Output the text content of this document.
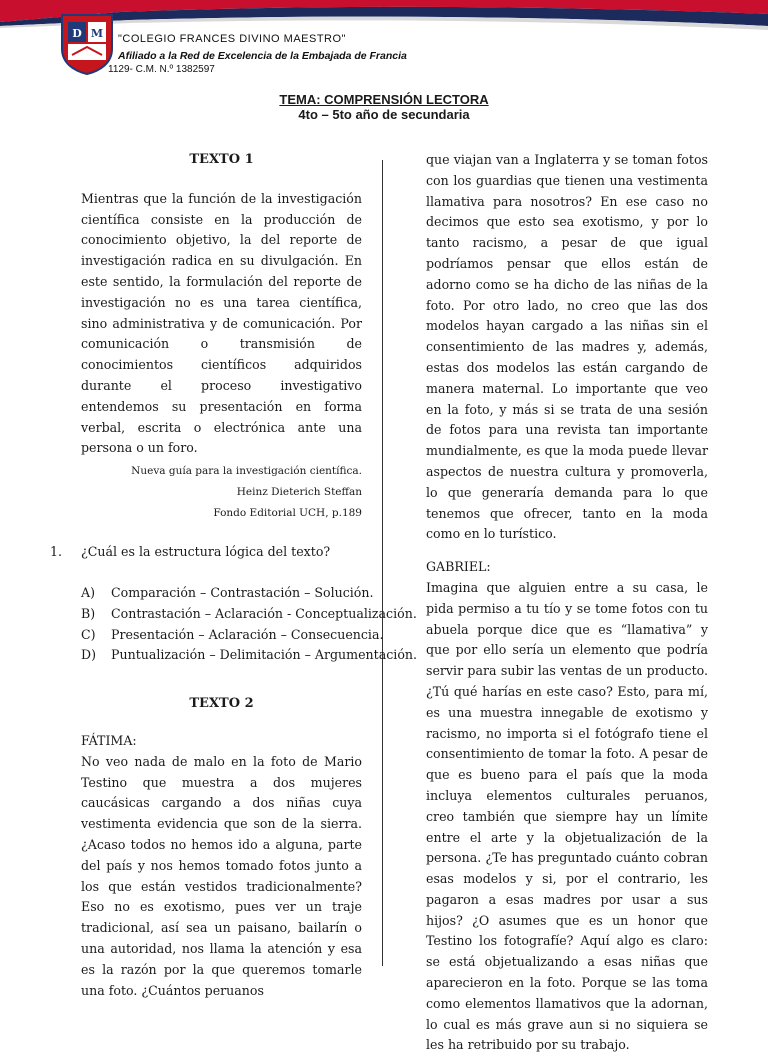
D M "COLEGIO FRANCES DIVINO MAESTRO"
Afiliado a la Red de Excelencia de la Embajada de Francia
1129- C.M. N.º 1382597
TEMA: COMPRENSIÓN LECTORA
4to – 5to año de secundaria
TEXTO 1

Mientras que la función de la investigación científica consiste en la producción de conocimiento objetivo, la del reporte de investigación radica en su divulgación. En este sentido, la formulación del reporte de investigación no es una tarea científica, sino administrativa y de comunicación. Por comunicación o transmisión de conocimientos científicos adquiridos durante el proceso investigativo entendemos su presentación en forma verbal, escrita o electrónica ante una persona o un foro.

Nueva guía para la investigación científica.
Heinz Dieterich Steffan
Fondo Editorial UCH, p.189
1. ¿Cuál es la estructura lógica del texto?
A) Comparación – Contrastación – Solución.
B) Contrastación – Aclaración - Conceptualización.
C) Presentación – Aclaración – Consecuencia.
D) Puntualización – Delimitación – Argumentación.
TEXTO 2

FÁTIMA:

No veo nada de malo en la foto de Mario Testino que muestra a dos mujeres caucásicas cargando a dos niñas cuya vestimenta evidencia que son de la sierra. ¿Acaso todos no hemos ido a alguna, parte del país y nos hemos tomado fotos junto a los que están vestidos tradicionalmente? Eso no es exotismo, pues ver un traje tradicional, así sea un paisano, bailarín o una autoridad, nos llama la atención y esa es la razón por la que queremos tomarle una foto. ¿Cuántos peruanos

que viajan van a Inglaterra y se toman fotos con los guardias que tienen una vestimenta llamativa para nosotros? En ese caso no decimos que esto sea exotismo, y por lo tanto racismo, a pesar de que igual podríamos pensar que ellos están de adorno como se ha dicho de las niñas de la foto. Por otro lado, no creo que las dos modelos hayan cargado a las niñas sin el consentimiento de las madres y, además, estas dos modelos las están cargando de manera maternal. Lo importante que veo en la foto, y más si se trata de una sesión de fotos para una revista tan importante mundialmente, es que la moda puede llevar aspectos de nuestra cultura y promoverla, lo que generaría demanda para lo que tenemos que ofrecer, tanto en la moda como en lo turístico.

GABRIEL:

Imagina que alguien entre a su casa, le pida permiso a tu tío y se tome fotos con tu abuela porque dice que es “llamativa” y que por ello sería un elemento que podría servir para subir las ventas de un producto. ¿Tú qué harías en este caso? Esto, para mí, es una muestra innegable de exotismo y racismo, no importa si el fotógrafo tiene el consentimiento de tomar la foto. A pesar de que es bueno para el país que la moda incluya elementos culturales peruanos, creo también que siempre hay un límite entre el arte y la objetualización de la persona. ¿Te has preguntado cuánto cobran esas modelos y si, por el contrario, les pagaron a esas madres por usar a sus hijos? ¿O asumes que es un honor que Testino los fotografíe? Aquí algo es claro: se está objetualizando a esas niñas que aparecieron en la foto. Porque se las toma como elementos llamativos que la adornan, lo cual es más grave aun si no siquiera se les ha retribuido por su trabajo.
